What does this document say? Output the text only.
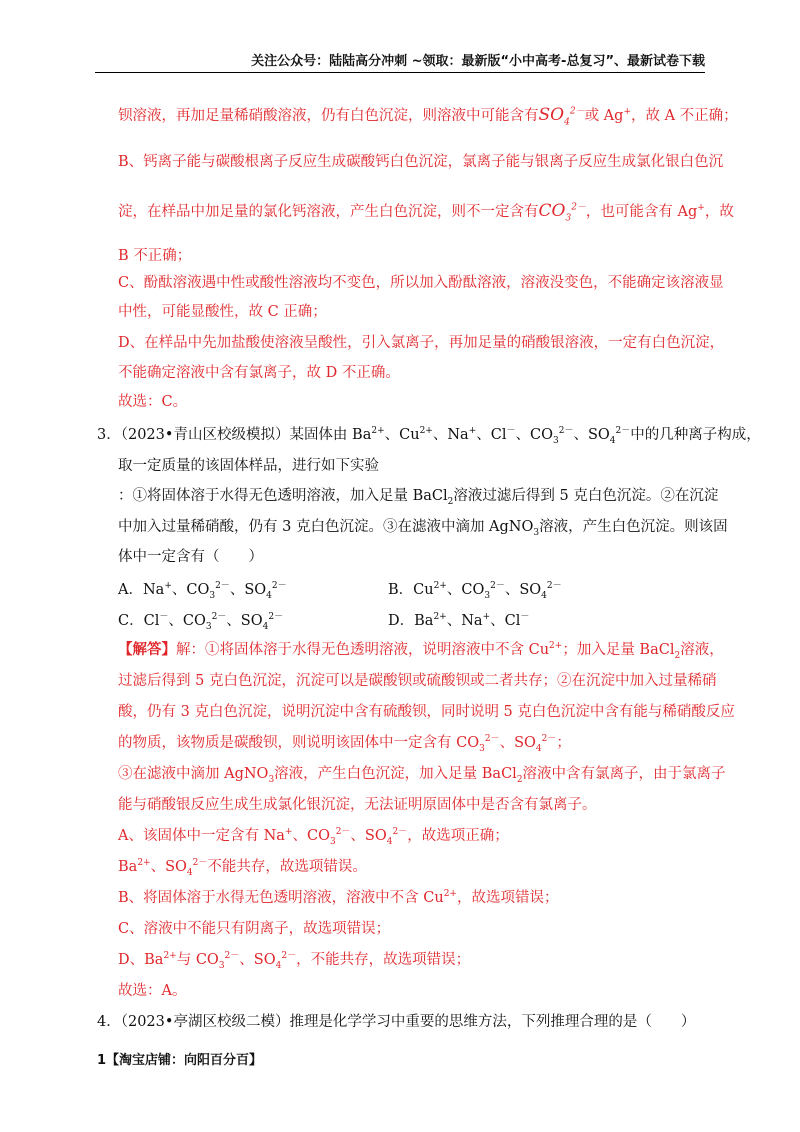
关注公众号：陆陆高分冲刺 ~领取：最新版“小中高考-总复习”、最新试卷下载
钡溶液，再加足量稀硝酸溶液，仍有白色沉淀，则溶液中可能含有$SO_4^{2-}$或 Ag+，故 A 不正确；
B、钙离子能与碳酸根离子反应生成碳酸钙白色沉淀，氯离子能与银离子反应生成氯化银白色沉
淀，在样品中加足量的氯化钙溶液，产生白色沉淀，则不一定含有$CO_3^{2-}$，也可能含有 Ag+，故
B 不正确；
C、酚酞溶液遇中性或酸性溶液均不变色，所以加入酚酞溶液，溶液没变色，不能确定该溶液显
中性，可能显酸性，故 C 正确；
D、在样品中先加盐酸使溶液呈酸性，引入氯离子，再加足量的硝酸银溶液，一定有白色沉淀，
不能确定溶液中含有氯离子，故 D 不正确。
故选：C。
3．（2023•青山区校级模拟）某固体由 $Ba^{2+}$、$Cu^{2+}$、Na+、Cl－、$CO_3^{2-}$、$SO_4^{2-}$中的几种离子构成，
取一定质量的该固体样品，进行如下实验
：①将固体溶于水得无色透明溶液，加入足量 BaCl$_2$溶液过滤后得到 5 克白色沉淀。②在沉淀
中加入过量稀硝酸，仍有 3 克白色沉淀。③在滤液中滴加 AgNO$_3$溶液，产生白色沉淀。则该固
体中一定含有（　　）
A．Na+、$CO_3^{2-}$、$SO_4^{2-}$	B．$Cu^{2+}$、$CO_3^{2-}$、$SO_4^{2-}$
C．Cl－、$CO_3^{2-}$、$SO_4^{2-}$	D．$Ba^{2+}$、Na+、Cl－
【解答】解：①将固体溶于水得无色透明溶液，说明溶液中不含 $Cu^{2+}$；加入足量 BaCl$_2$溶液，
过滤后得到 5 克白色沉淀，沉淀可以是碳酸钡或硫酸钡或二者共存；②在沉淀中加入过量稀硝
酸，仍有 3 克白色沉淀，说明沉淀中含有硫酸钡，同时说明 5 克白色沉淀中含有能与稀硝酸反应
的物质，该物质是碳酸钡，则说明该固体中一定含有 $CO_3^{2-}$、$SO_4^{2-}$；
③在滤液中滴加 AgNO$_3$溶液，产生白色沉淀，加入足量 BaCl$_2$溶液中含有氯离子，由于氯离子
能与硝酸银反应生成生成氯化银沉淀，无法证明原固体中是否含有氯离子。
A、该固体中一定含有 Na+、$CO_3^{2-}$、$SO_4^{2-}$，故选项正确；
$Ba^{2+}$、$SO_4^{2-}$不能共存，故选项错误。
B、将固体溶于水得无色透明溶液，溶液中不含 $Cu^{2+}$，故选项错误；
C、溶液中不能只有阴离子，故选项错误；
D、$Ba^{2+}$与 $CO_3^{2-}$、$SO_4^{2-}$，不能共存，故选项错误；
故选：A。
4．（2023•亭湖区校级二模）推理是化学学习中重要的思维方法，下列推理合理的是（　　）
1【淘宝店铺：向阳百分百】
